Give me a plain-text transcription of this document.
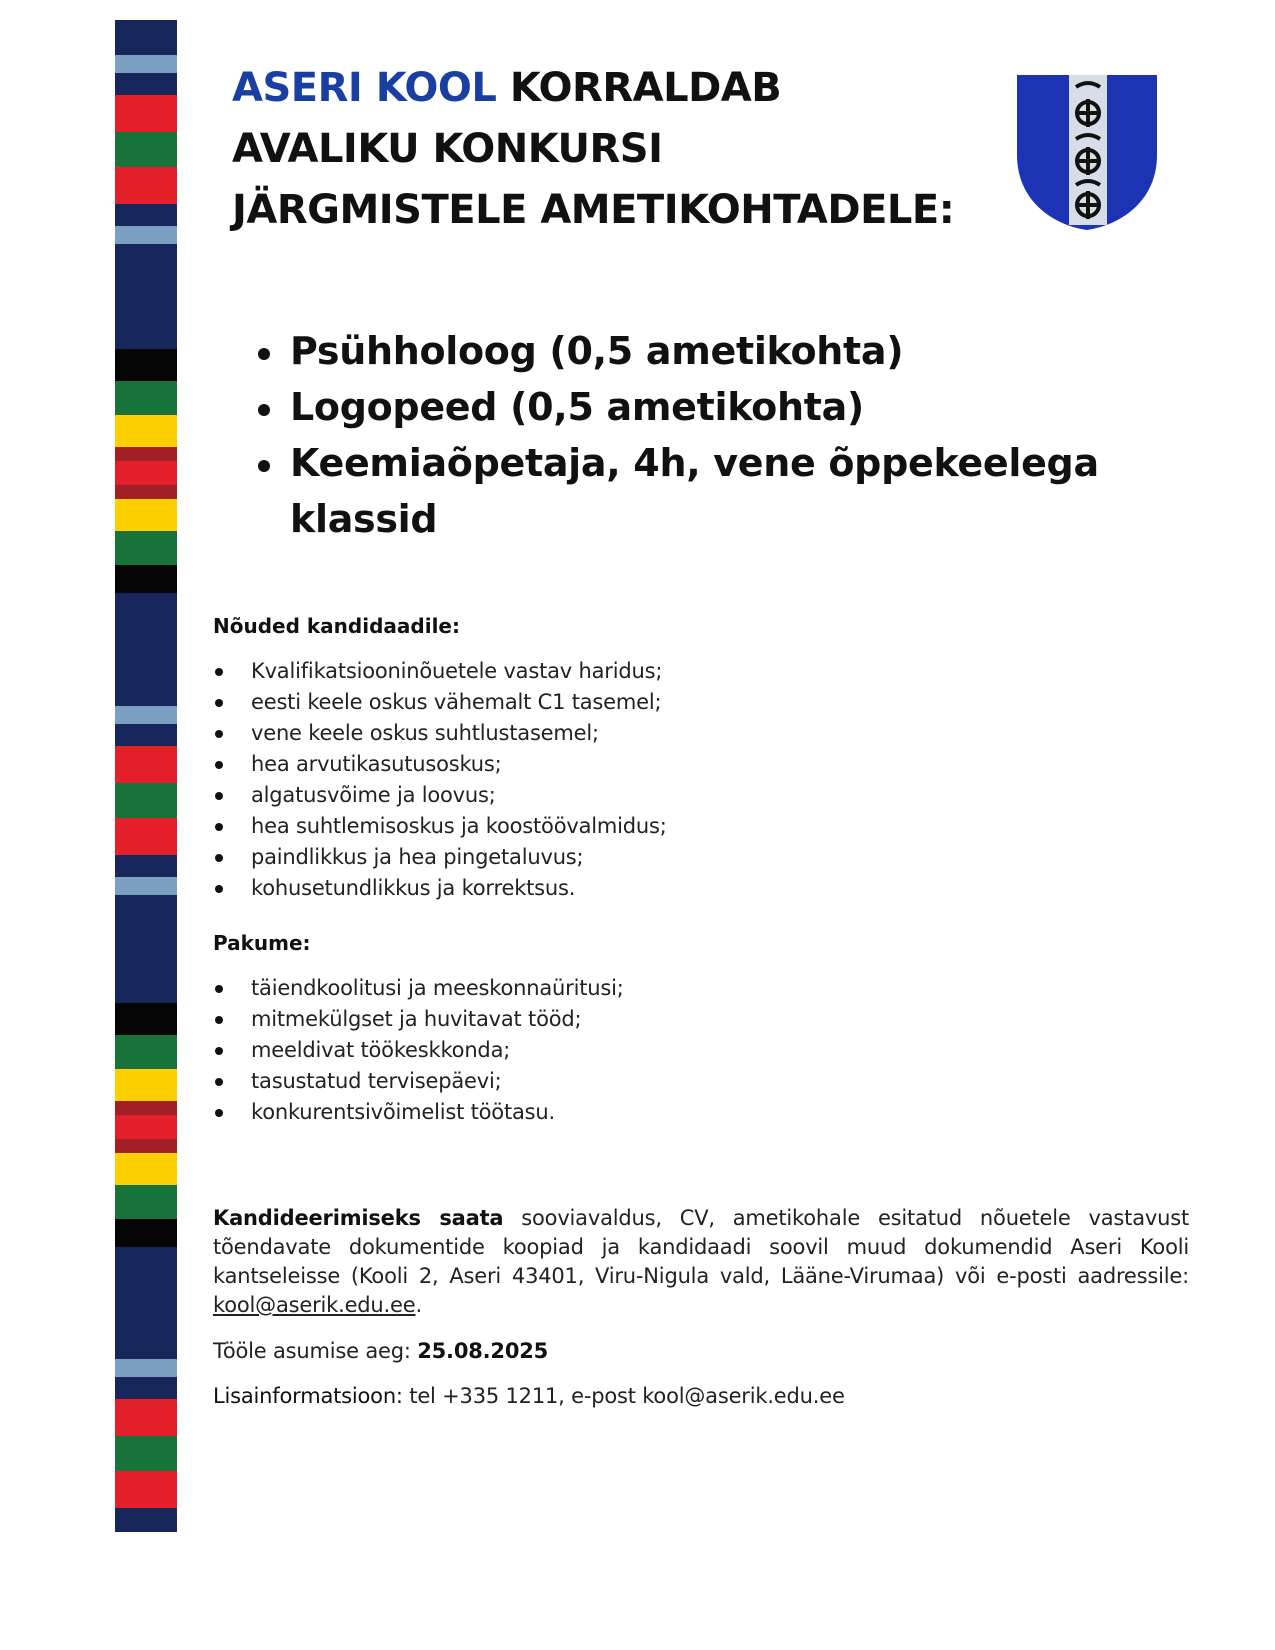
ASERI KOOL KORRALDAB AVALIKU KONKURSI JÄRGMISTELE AMETIKOHTADELE:
Psühholoog (0,5 ametikohta)
Logopeed (0,5 ametikohta)
Keemiaõpetaja, 4h, vene õppekeelega klassid
Nõuded kandidaadile:
Kvalifikatsiooninõuetele vastav haridus;
eesti keele oskus vähemalt C1 tasemel;
vene keele oskus suhtlustasemel;
hea arvutikasutusoskus;
algatusvõime ja loovus;
hea suhtlemisoskus ja koostöövalmidus;
paindlikkus ja hea pingetaluvus;
kohusetundlikkus ja korrektsus.
Pakume:
täiendkoolitusi ja meeskonnaüritusi;
mitmekülgset ja huvitavat tööd;
meeldivat töökeskkonda;
tasustatud tervisepäevi;
konkurentsivõimelist töötasu.
Kandideerimiseks saata sooviavaldus, CV, ametikohale esitatud nõuetele vastavust tõendavate dokumentide koopiad ja kandidaadi soovil muud dokumendid Aseri Kooli kantseleisse (Kooli 2, Aseri 43401, Viru-Nigula vald, Lääne-Virumaa) või e-posti aadressile: kool@aserik.edu.ee.
Tööle asumise aeg: 25.08.2025
Lisainformatsioon: tel +335 1211, e-post kool@aserik.edu.ee
